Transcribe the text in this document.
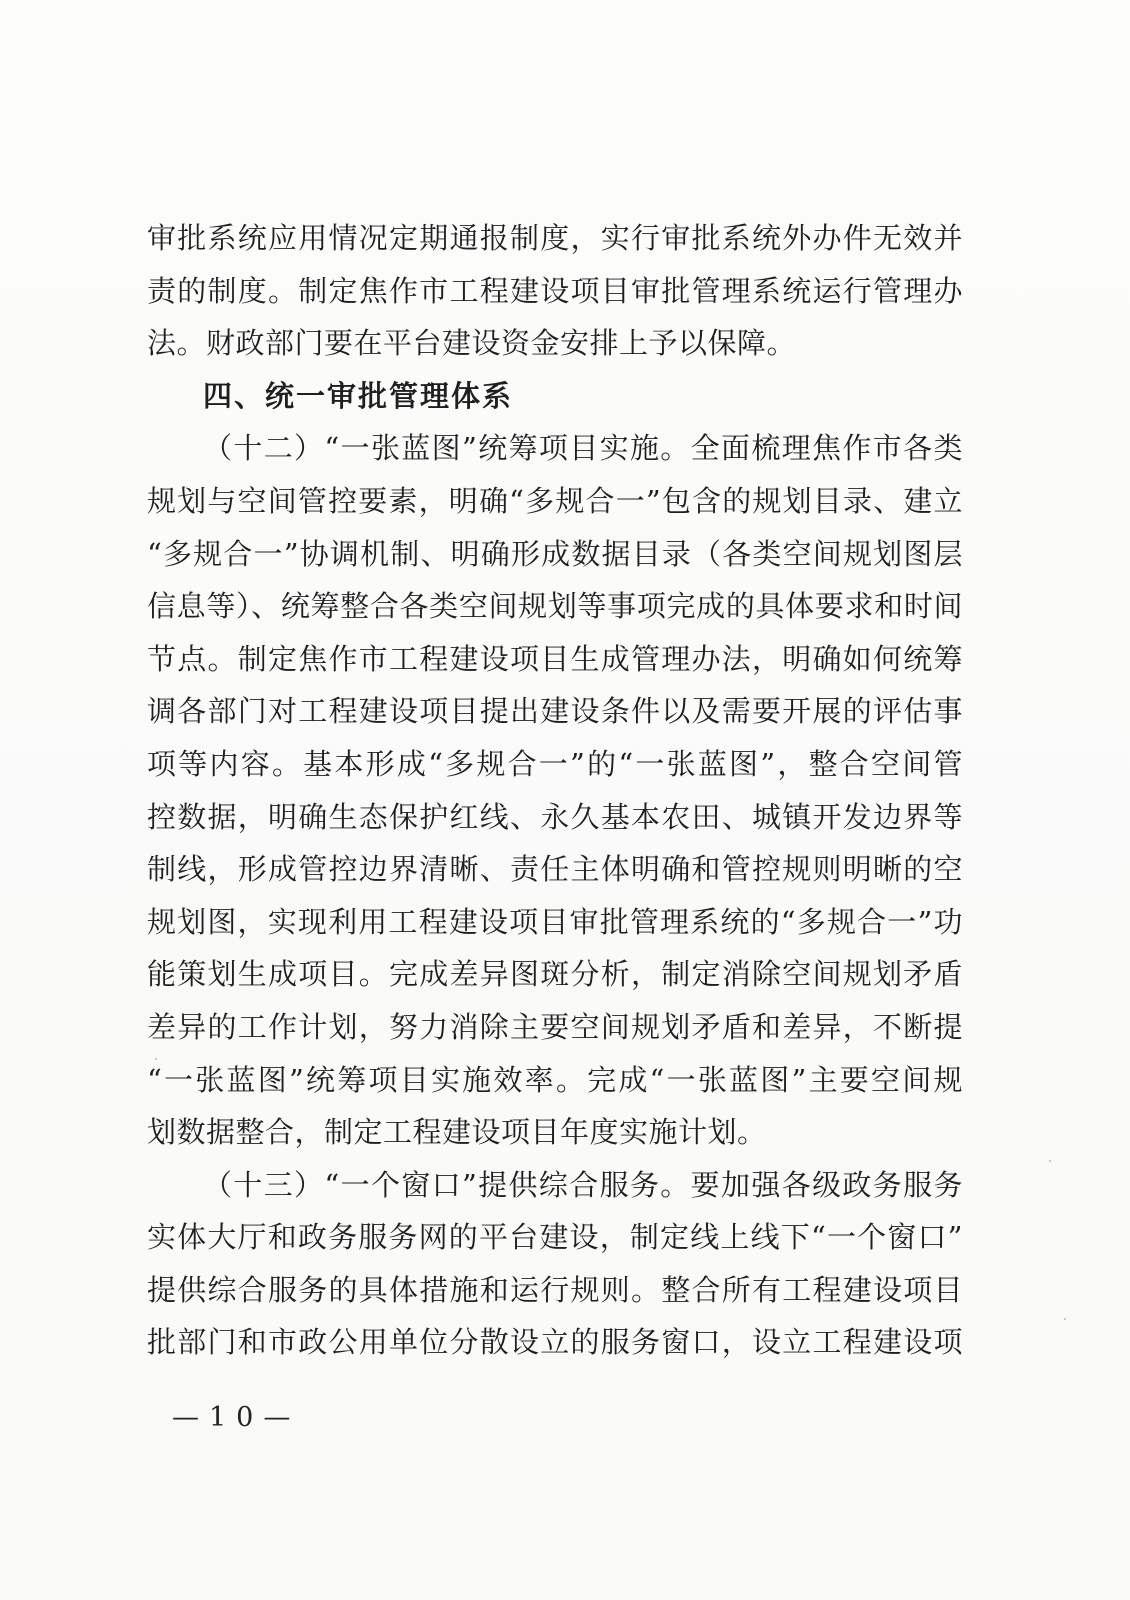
审批系统应用情况定期通报制度，实行审批系统外办件无效并
责的制度。制定焦作市工程建设项目审批管理系统运行管理办
法。财政部门要在平台建设资金安排上予以保障。
四、统一审批管理体系
（十二）“一张蓝图”统筹项目实施。全面梳理焦作市各类
规划与空间管控要素，明确“多规合一”包含的规划目录、建立
“多规合一”协调机制、明确形成数据目录（各类空间规划图层
信息等）、统筹整合各类空间规划等事项完成的具体要求和时间
节点。制定焦作市工程建设项目生成管理办法，明确如何统筹
调各部门对工程建设项目提出建设条件以及需要开展的评估事
项等内容。基本形成“多规合一”的“一张蓝图”，整合空间管
控数据，明确生态保护红线、永久基本农田、城镇开发边界等
制线，形成管控边界清晰、责任主体明确和管控规则明晰的空
规划图，实现利用工程建设项目审批管理系统的“多规合一”功
能策划生成项目。完成差异图斑分析，制定消除空间规划矛盾
差异的工作计划，努力消除主要空间规划矛盾和差异，不断提
“一张蓝图”统筹项目实施效率。完成“一张蓝图”主要空间规
划数据整合，制定工程建设项目年度实施计划。
（十三）“一个窗口”提供综合服务。要加强各级政务服务
实体大厅和政务服务网的平台建设，制定线上线下“一个窗口”
提供综合服务的具体措施和运行规则。整合所有工程建设项目
批部门和市政公用单位分散设立的服务窗口，设立工程建设项
—10—
